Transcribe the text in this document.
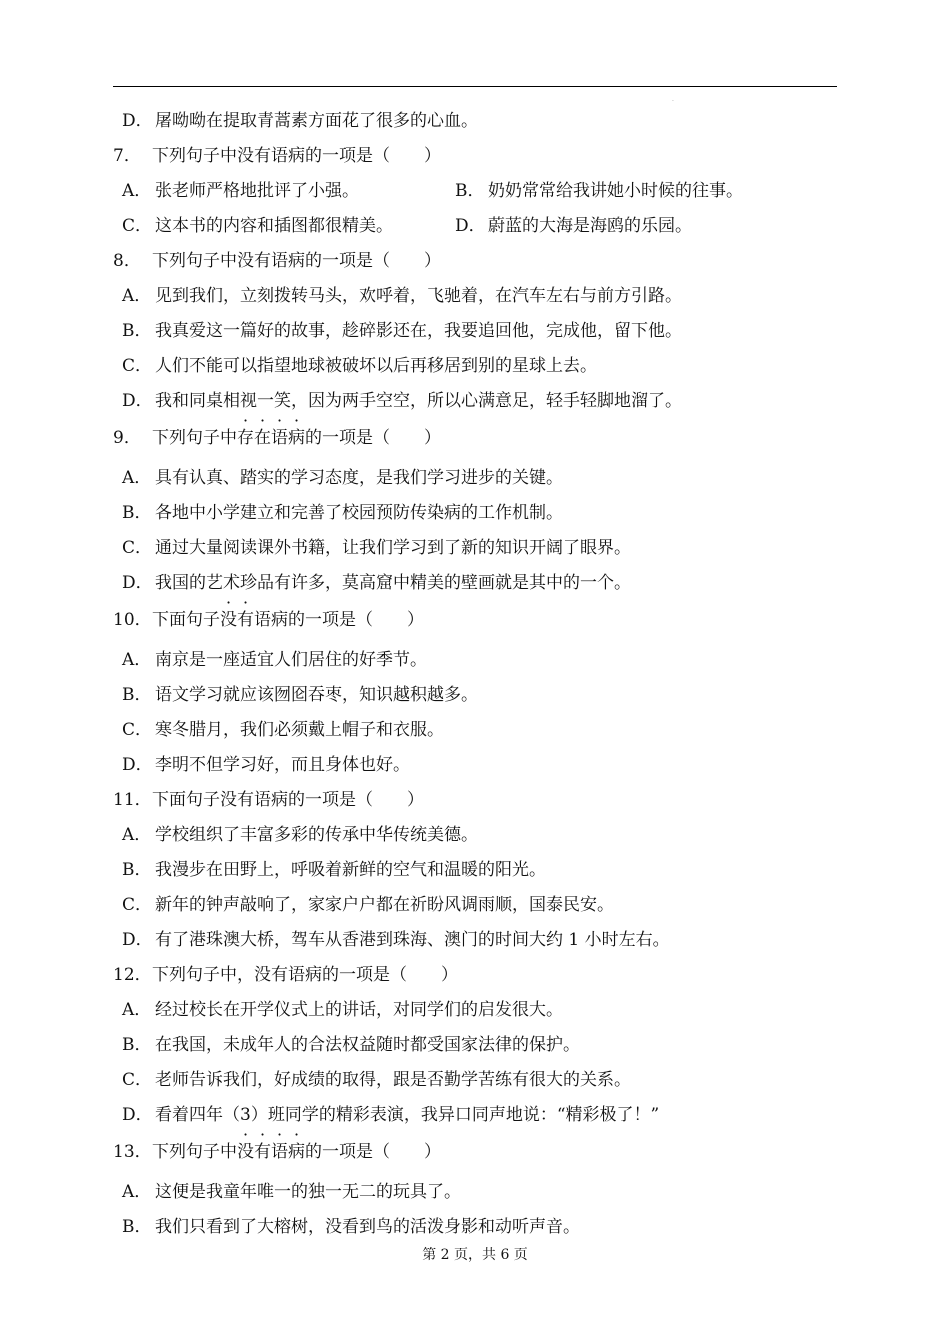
.
D． 屠呦呦在提取青蒿素方面花了很多的心血。
7． 下列句子中没有语病的一项是（　　）
A． 张老师严格地批评了小强。	B． 奶奶常常给我讲她小时候的往事。
C． 这本书的内容和插图都很精美。	D． 蔚蓝的大海是海鸥的乐园。
8． 下列句子中没有语病的一项是（　　）
A． 见到我们，立刻拨转马头，欢呼着，飞驰着，在汽车左右与前方引路。
B． 我真爱这一篇好的故事，趁碎影还在，我要追回他，完成他，留下他。
C． 人们不能可以指望地球被破坏以后再移居到别的星球上去。
D． 我和同桌相视一笑，因为两手空空，所以心满意足，轻手轻脚地溜了。
9． 下列句子中存在语病的一项是（　　）
A． 具有认真、踏实的学习态度，是我们学习进步的关键。
B． 各地中小学建立和完善了校园预防传染病的工作机制。
C． 通过大量阅读课外书籍，让我们学习到了新的知识开阔了眼界。
D． 我国的艺术珍品有许多，莫高窟中精美的壁画就是其中的一个。
10．下面句子没有语病的一项是（　　）
A． 南京是一座适宜人们居住的好季节。
B． 语文学习就应该囫囵吞枣，知识越积越多。
C． 寒冬腊月，我们必须戴上帽子和衣服。
D． 李明不但学习好，而且身体也好。
11．下面句子没有语病的一项是（　　）
A． 学校组织了丰富多彩的传承中华传统美德。
B． 我漫步在田野上，呼吸着新鲜的空气和温暖的阳光。
C． 新年的钟声敲响了，家家户户都在祈盼风调雨顺，国泰民安。
D． 有了港珠澳大桥，驾车从香港到珠海、澳门的时间大约 1 小时左右。
12．下列句子中，没有语病的一项是（　　）
A． 经过校长在开学仪式上的讲话，对同学们的启发很大。
B． 在我国，未成年人的合法权益随时都受国家法律的保护。
C． 老师告诉我们，好成绩的取得，跟是否勤学苦练有很大的关系。
D． 看着四年（3）班同学的精彩表演，我异口同声地说：“精彩极了！”
13．下列句子中没有语病的一项是（　　）
A． 这便是我童年唯一的独一无二的玩具了。
B． 我们只看到了大榕树，没看到鸟的活泼身影和动听声音。
第 2 页，共 6 页
